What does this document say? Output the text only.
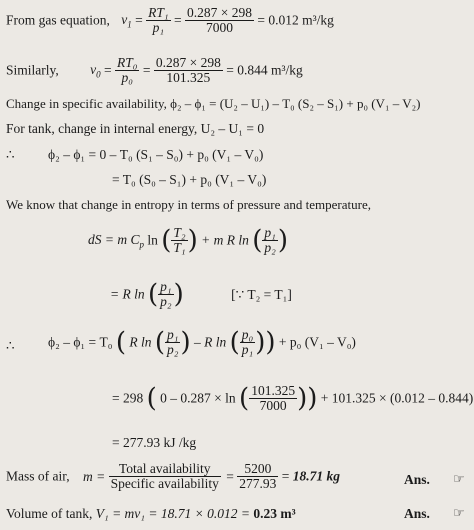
From gas equation, $v_1 = \frac{\text{RT₁}}{\text{p₁}} = \frac{0.287 \times 298}{7000} = 0.012$ m³/kg
Similarly, $v_0 = \frac{\text{RT₀}}{\text{p₀}} = \frac{0.287 \times 298}{101.325} = 0.844$ m³/kg
Change in specific availability, ϕ₂ – ϕ₁ = (U₂ – U₁) – T₀ (S₂ – S₁) + p₀ (V₁ – V₂)
For tank, change in internal energy, U₂ – U₁ = 0
∴ ϕ₂ – ϕ₁ = 0 – T₀ (S₁ – S₀) + p₀ (V₁ – V₀)
= T₀ (S₀ – S₁) + p₀ (V₁ – V₀)
We know that change in entropy in terms of pressure and temperature,
dS = m $C_p$ ln ( $\frac{\text{T₂}}{\text{T₁}}$ ) + m R ln ( $\frac{\text{p₁}}{\text{p₂}}$ )
= R ln ( $\frac{\text{p₁}}{\text{p₂}}$ )	[∵ T₂ = T₁]
∴ ϕ₂ – ϕ₁ = T₀ ( R ln ( $\frac{\text{p₁}}{\text{p₂}}$ ) – R ln ( $\frac{\text{p₀}}{\text{p₁}}$ )) + p₀ (V₁ – V₀)
= 298 ( 0 – 0.287 × ln ( $\frac{101.325}{7000}$ )) + 101.325 × (0.012 – 0.844)
= 277.93 kJ /kg
Mass of air, $m = \frac{\text{Total availability}}{\text{Specific availability}} = \frac{5200}{277.93} = 18.71$ kg	Ans. ☞
Volume of tank, V₁ = mv₁ = 18.71 × 0.012 = 0.23 m³	Ans. ☞
